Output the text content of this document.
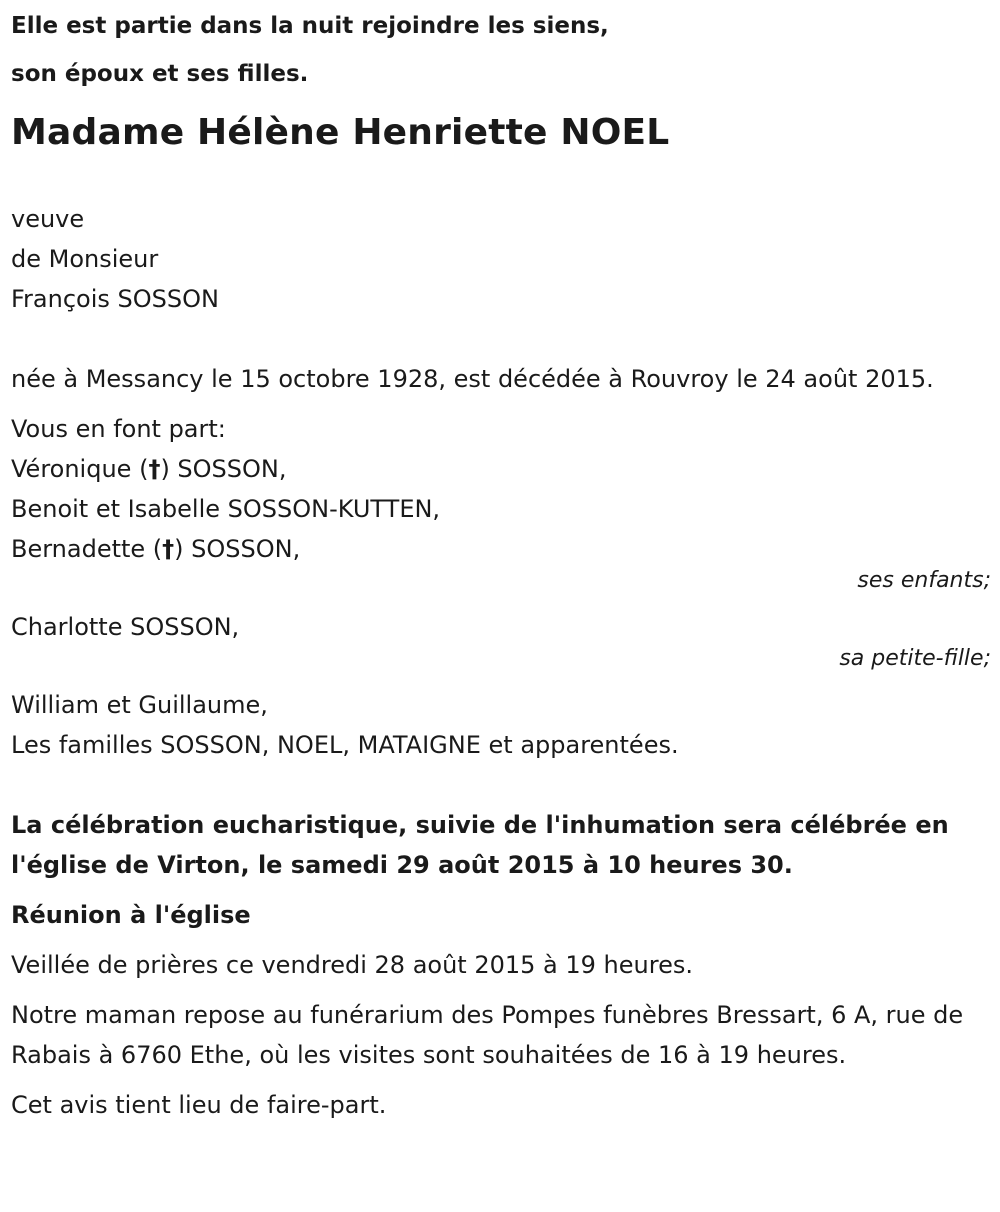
Elle est partie dans la nuit rejoindre les siens,
son époux et ses filles.
Madame Hélène Henriette NOEL
veuve
de Monsieur
François SOSSON
née à Messancy le 15 octobre 1928, est décédée à Rouvroy le 24 août 2015.
Vous en font part:
Véronique (†) SOSSON,
Benoit et Isabelle SOSSON-KUTTEN,
Bernadette (†) SOSSON,
ses enfants;
Charlotte SOSSON,
sa petite-fille;
William et Guillaume,
Les familles SOSSON, NOEL, MATAIGNE et apparentées.
La célébration eucharistique, suivie de l'inhumation sera célébrée en l'église de Virton, le samedi 29 août 2015 à 10 heures 30.
Réunion à l'église
Veillée de prières ce vendredi 28 août 2015 à 19 heures.
Notre maman repose au funérarium des Pompes funèbres Bressart, 6 A, rue de Rabais à 6760 Ethe, où les visites sont souhaitées de 16 à 19 heures.
Cet avis tient lieu de faire-part.
